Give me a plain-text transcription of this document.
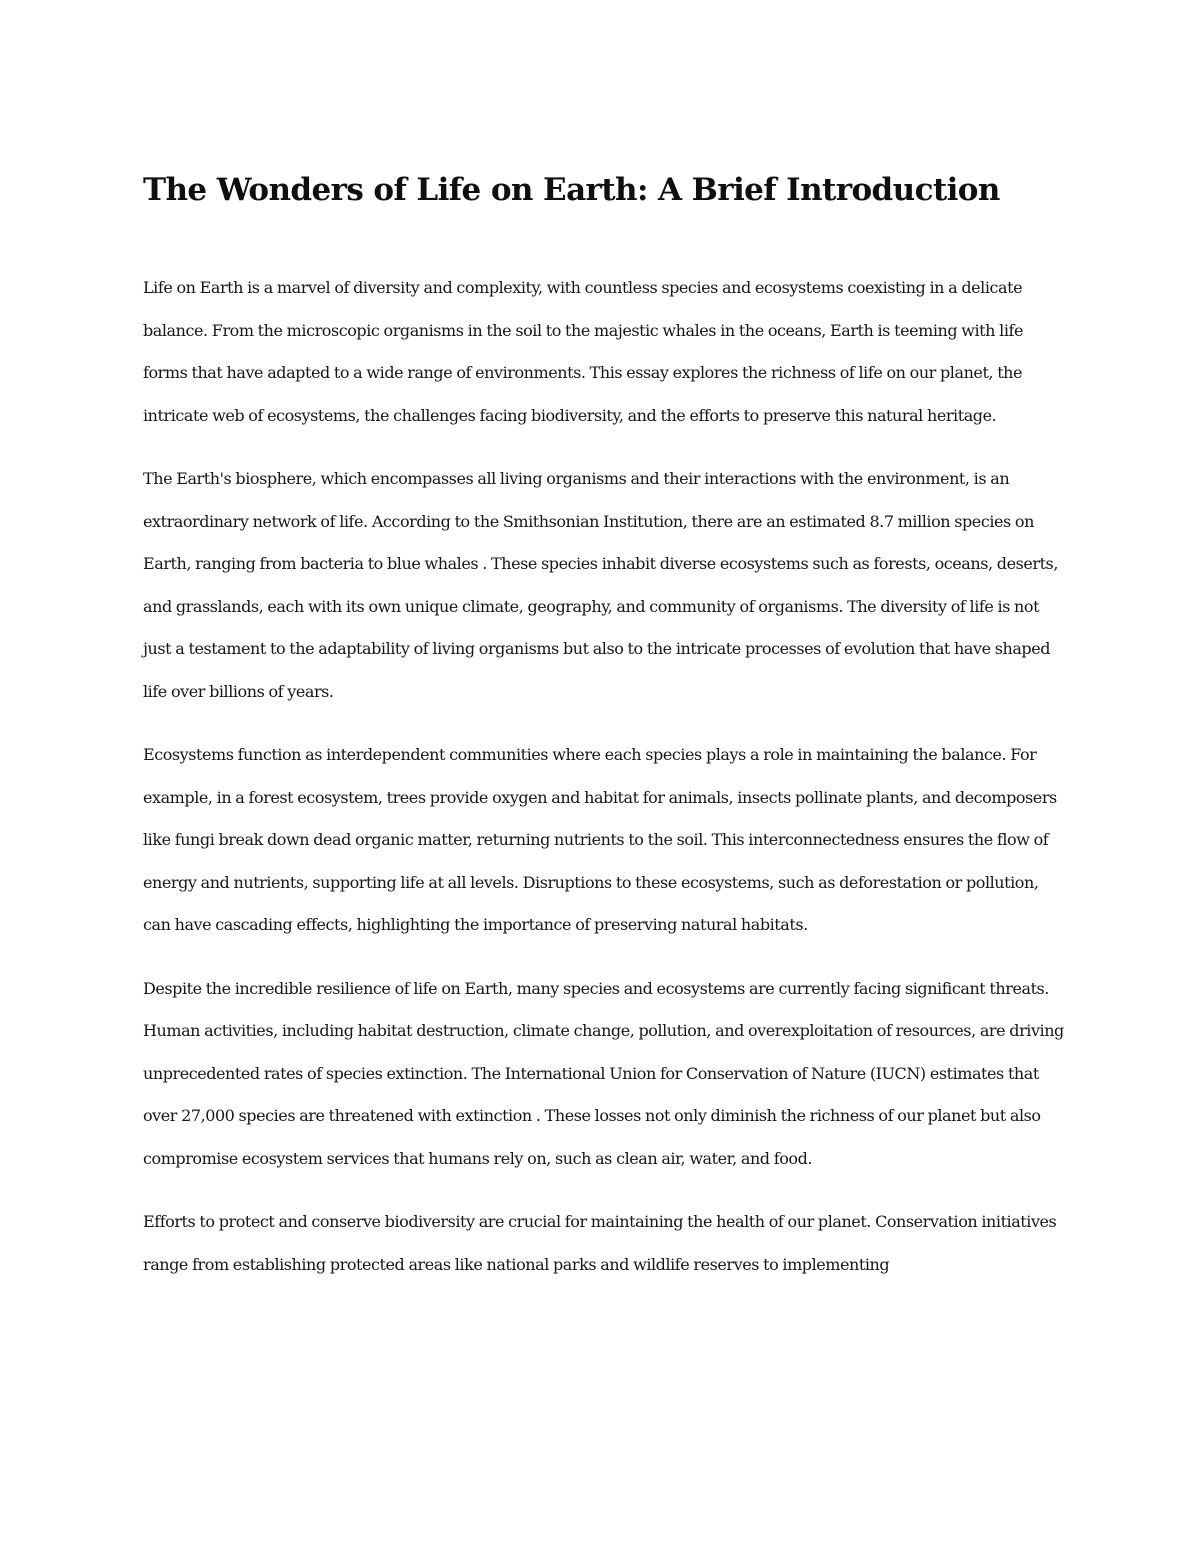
The Wonders of Life on Earth: A Brief Introduction

Life on Earth is a marvel of diversity and complexity, with countless species and ecosystems coexisting in a delicate balance. From the microscopic organisms in the soil to the majestic whales in the oceans, Earth is teeming with life forms that have adapted to a wide range of environments. This essay explores the richness of life on our planet, the intricate web of ecosystems, the challenges facing biodiversity, and the efforts to preserve this natural heritage.

The Earth's biosphere, which encompasses all living organisms and their interactions with the environment, is an extraordinary network of life. According to the Smithsonian Institution, there are an estimated 8.7 million species on Earth, ranging from bacteria to blue whales . These species inhabit diverse ecosystems such as forests, oceans, deserts, and grasslands, each with its own unique climate, geography, and community of organisms. The diversity of life is not just a testament to the adaptability of living organisms but also to the intricate processes of evolution that have shaped life over billions of years.

Ecosystems function as interdependent communities where each species plays a role in maintaining the balance. For example, in a forest ecosystem, trees provide oxygen and habitat for animals, insects pollinate plants, and decomposers like fungi break down dead organic matter, returning nutrients to the soil. This interconnectedness ensures the flow of energy and nutrients, supporting life at all levels. Disruptions to these ecosystems, such as deforestation or pollution, can have cascading effects, highlighting the importance of preserving natural habitats.

Despite the incredible resilience of life on Earth, many species and ecosystems are currently facing significant threats. Human activities, including habitat destruction, climate change, pollution, and overexploitation of resources, are driving unprecedented rates of species extinction. The International Union for Conservation of Nature (IUCN) estimates that over 27,000 species are threatened with extinction . These losses not only diminish the richness of our planet but also compromise ecosystem services that humans rely on, such as clean air, water, and food.

Efforts to protect and conserve biodiversity are crucial for maintaining the health of our planet. Conservation initiatives range from establishing protected areas like national parks and wildlife reserves to implementing
